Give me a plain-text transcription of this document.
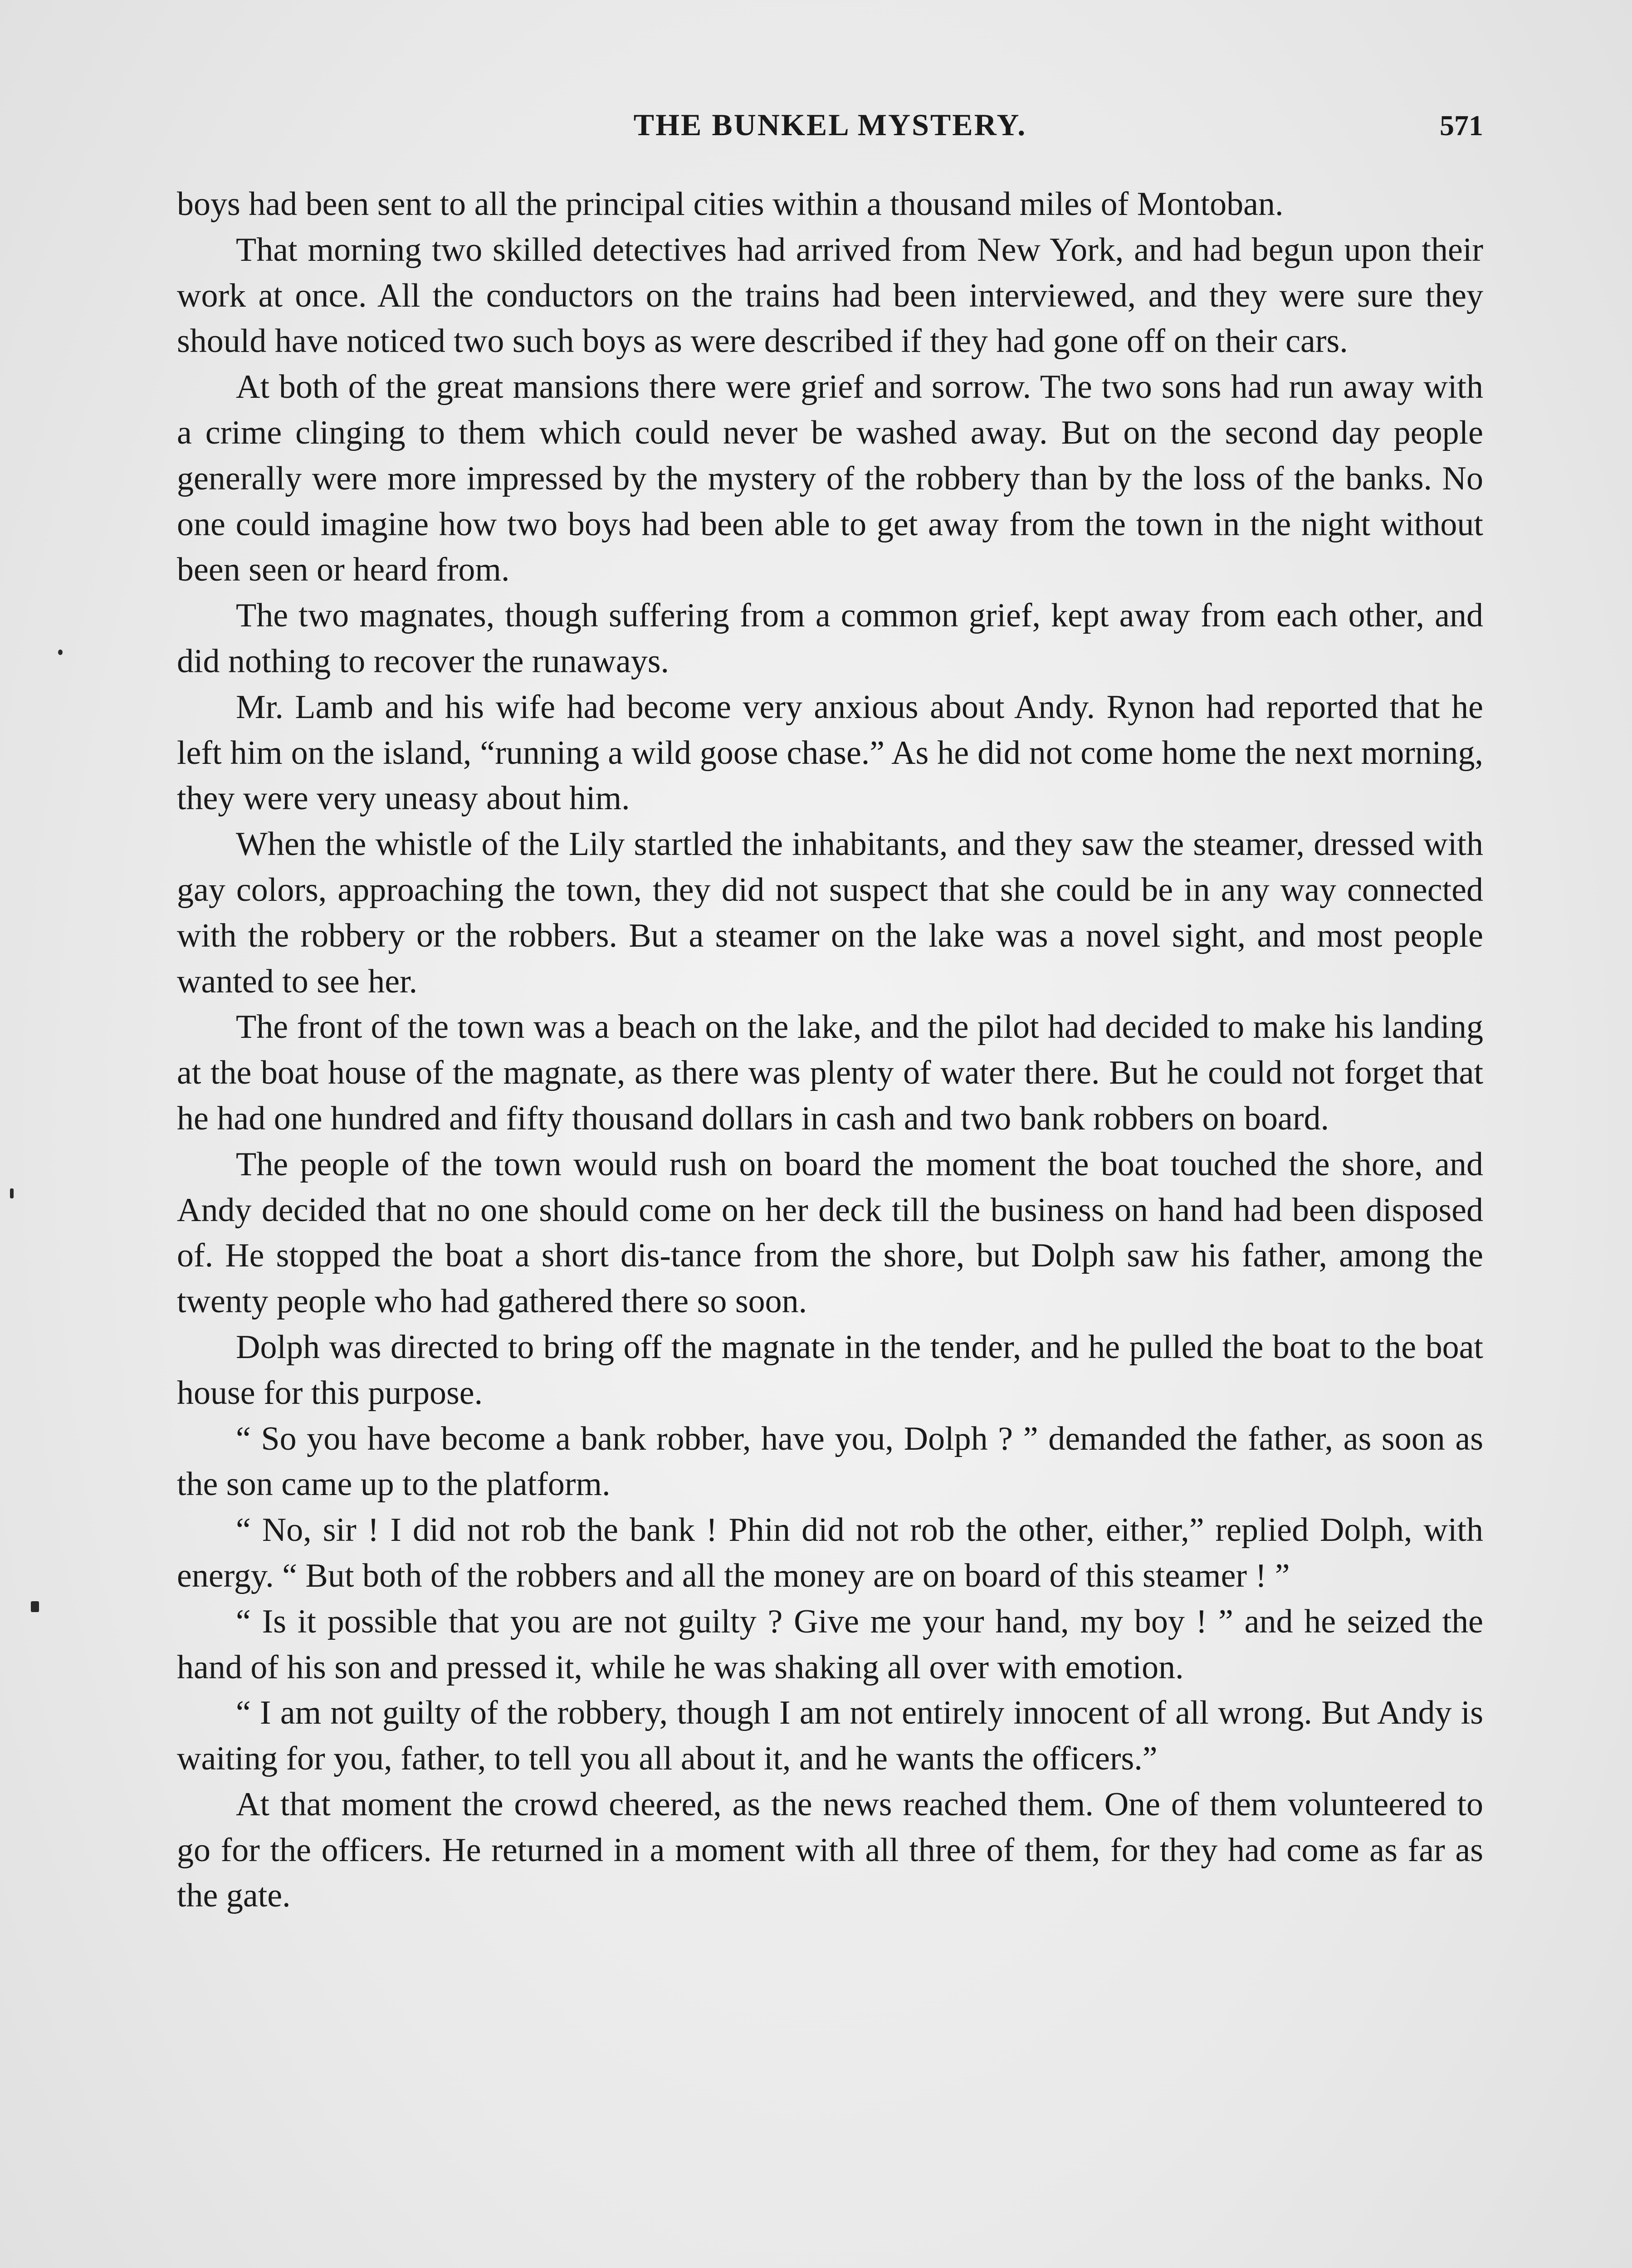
THE BUNKEL MYSTERY.	571

boys had been sent to all the principal cities within a thousand miles of Montoban.

That morning two skilled detectives had arrived from New York, and had begun upon their work at once. All the conductors on the trains had been interviewed, and they were sure they should have noticed two such boys as were described if they had gone off on their cars.

At both of the great mansions there were grief and sorrow. The two sons had run away with a crime clinging to them which could never be washed away. But on the second day people generally were more impressed by the mystery of the robbery than by the loss of the banks. No one could imagine how two boys had been able to get away from the town in the night without been seen or heard from.

The two magnates, though suffering from a common grief, kept away from each other, and did nothing to recover the runaways.

Mr. Lamb and his wife had become very anxious about Andy. Rynon had reported that he left him on the island, “running a wild goose chase.” As he did not come home the next morning, they were very uneasy about him.

When the whistle of the Lily startled the inhabitants, and they saw the steamer, dressed with gay colors, approaching the town, they did not suspect that she could be in any way connected with the robbery or the robbers. But a steamer on the lake was a novel sight, and most people wanted to see her.

The front of the town was a beach on the lake, and the pilot had decided to make his landing at the boat house of the magnate, as there was plenty of water there. But he could not forget that he had one hundred and fifty thousand dollars in cash and two bank robbers on board.

The people of the town would rush on board the moment the boat touched the shore, and Andy decided that no one should come on her deck till the business on hand had been disposed of. He stopped the boat a short dis-tance from the shore, but Dolph saw his father, among the twenty people who had gathered there so soon.

Dolph was directed to bring off the magnate in the tender, and he pulled the boat to the boat house for this purpose.

“ So you have become a bank robber, have you, Dolph ? ” demanded the father, as soon as the son came up to the platform.

“ No, sir ! I did not rob the bank ! Phin did not rob the other, either,” replied Dolph, with energy. “ But both of the robbers and all the money are on board of this steamer ! ”

“ Is it possible that you are not guilty ? Give me your hand, my boy ! ” and he seized the hand of his son and pressed it, while he was shaking all over with emotion.

“ I am not guilty of the robbery, though I am not entirely innocent of all wrong. But Andy is waiting for you, father, to tell you all about it, and he wants the officers.”

At that moment the crowd cheered, as the news reached them. One of them volunteered to go for the officers. He returned in a moment with all three of them, for they had come as far as the gate.
